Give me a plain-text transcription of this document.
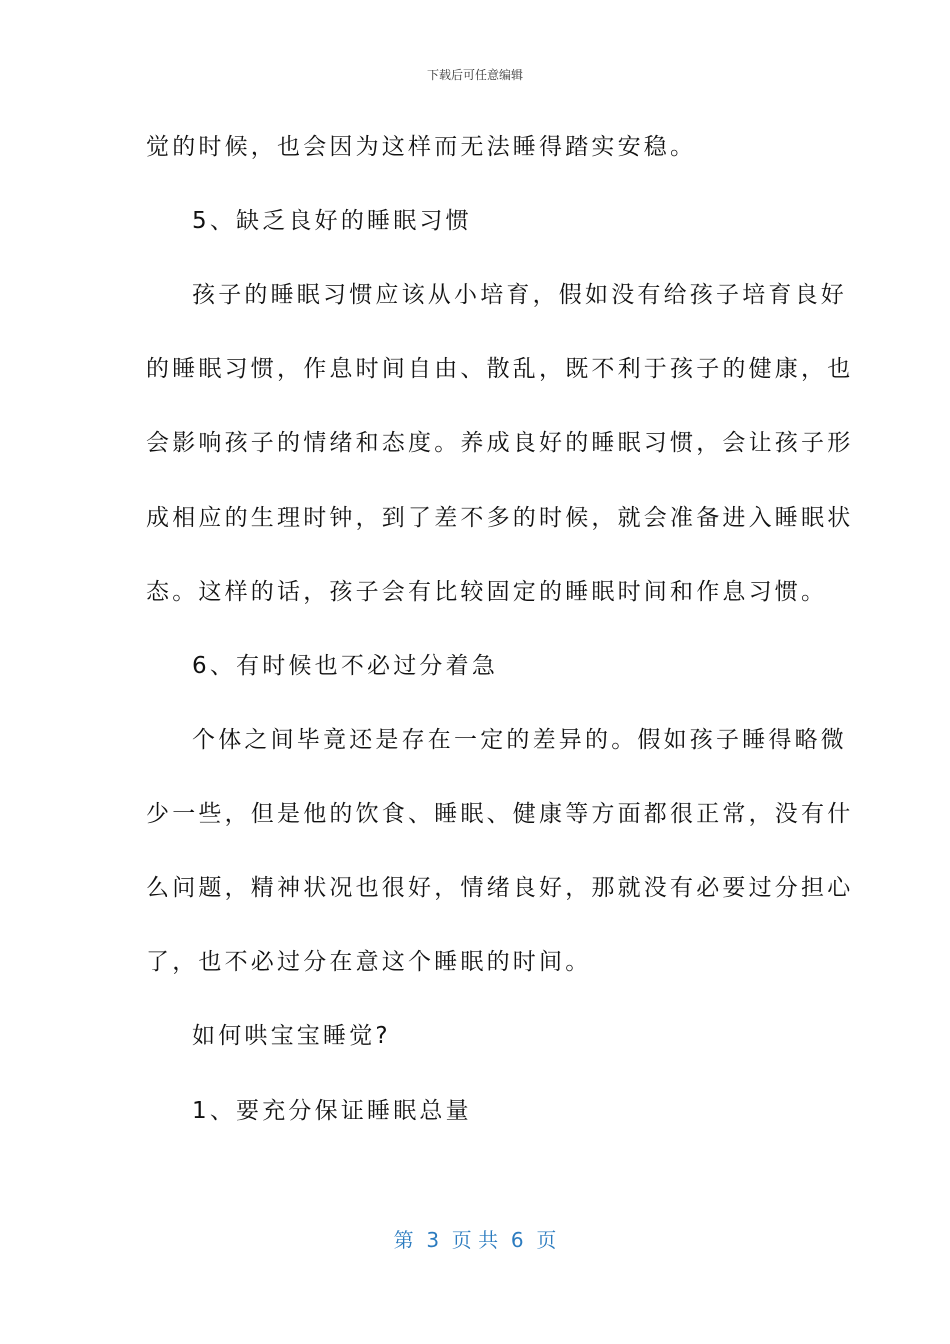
下载后可任意编辑
觉的时候，也会因为这样而无法睡得踏实安稳。
5、缺乏良好的睡眠习惯
孩子的睡眠习惯应该从小培育，假如没有给孩子培育良好
的睡眠习惯，作息时间自由、散乱，既不利于孩子的健康，也
会影响孩子的情绪和态度。养成良好的睡眠习惯，会让孩子形
成相应的生理时钟，到了差不多的时候，就会准备进入睡眠状
态。这样的话，孩子会有比较固定的睡眠时间和作息习惯。
6、有时候也不必过分着急
个体之间毕竟还是存在一定的差异的。假如孩子睡得略微
少一些，但是他的饮食、睡眠、健康等方面都很正常，没有什
么问题，精神状况也很好，情绪良好，那就没有必要过分担心
了，也不必过分在意这个睡眠的时间。
如何哄宝宝睡觉?
1、要充分保证睡眠总量
第  3  页 共  6  页
